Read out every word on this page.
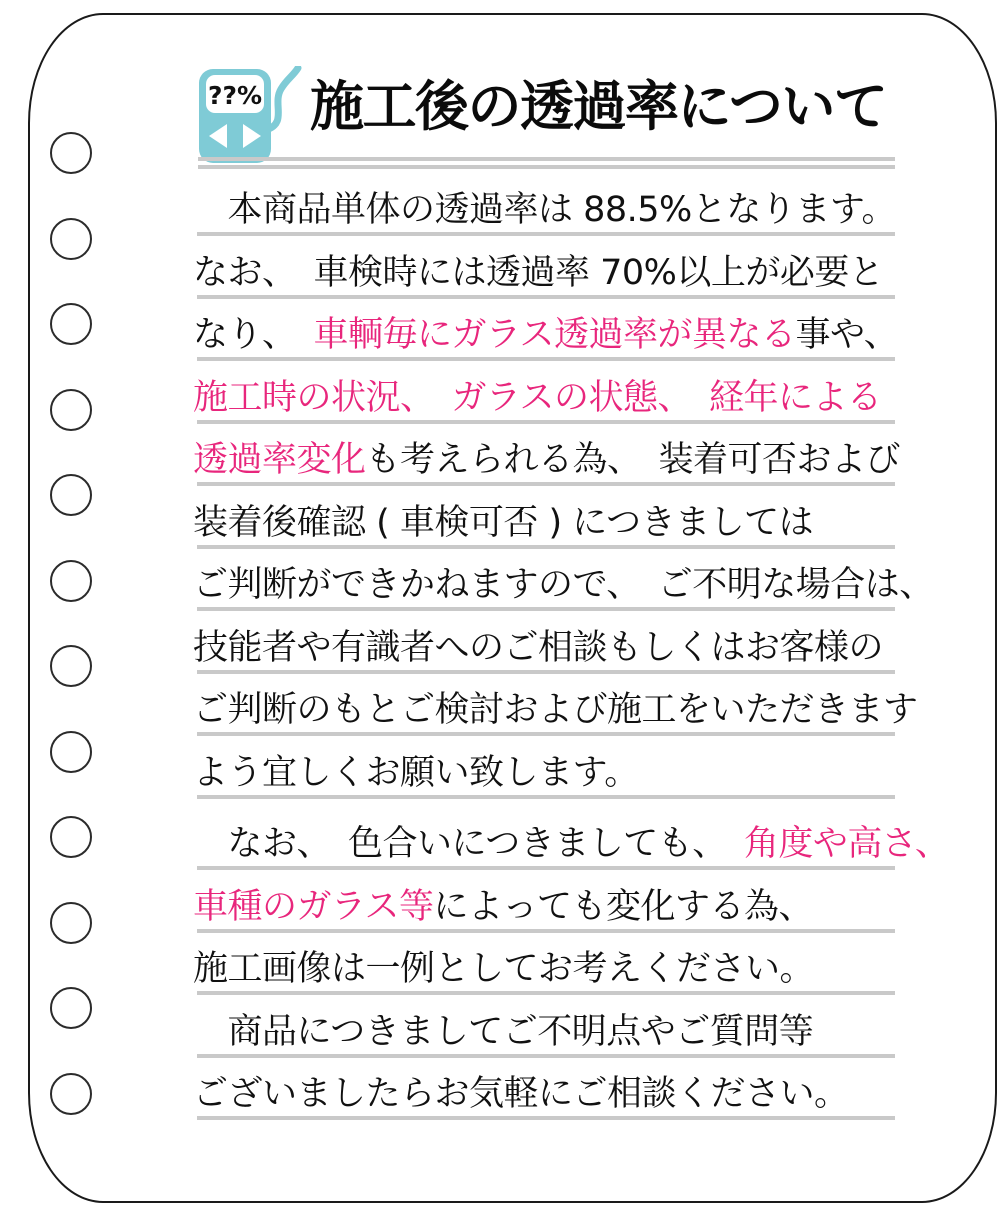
??% 施工後の透過率について
　本商品単体の透過率は 88.5%となります。
なお、　車検時には透過率 70%以上が必要と
なり、　車輌毎にガラス透過率が異なる事や、
施工時の状況、　ガラスの状態、　経年による
透過率変化も考えられる為、　装着可否および
装着後確認 ( 車検可否 ) につきましては
ご判断ができかねますので、　ご不明な場合は、
技能者や有識者へのご相談もしくはお客様の
ご判断のもとご検討および施工をいただきます
よう宜しくお願い致します。
　なお、　色合いにつきましても、　角度や高さ、
車種のガラス等によっても変化する為、
施工画像は一例としてお考えください。
　商品につきましてご不明点やご質問等
ございましたらお気軽にご相談ください。
